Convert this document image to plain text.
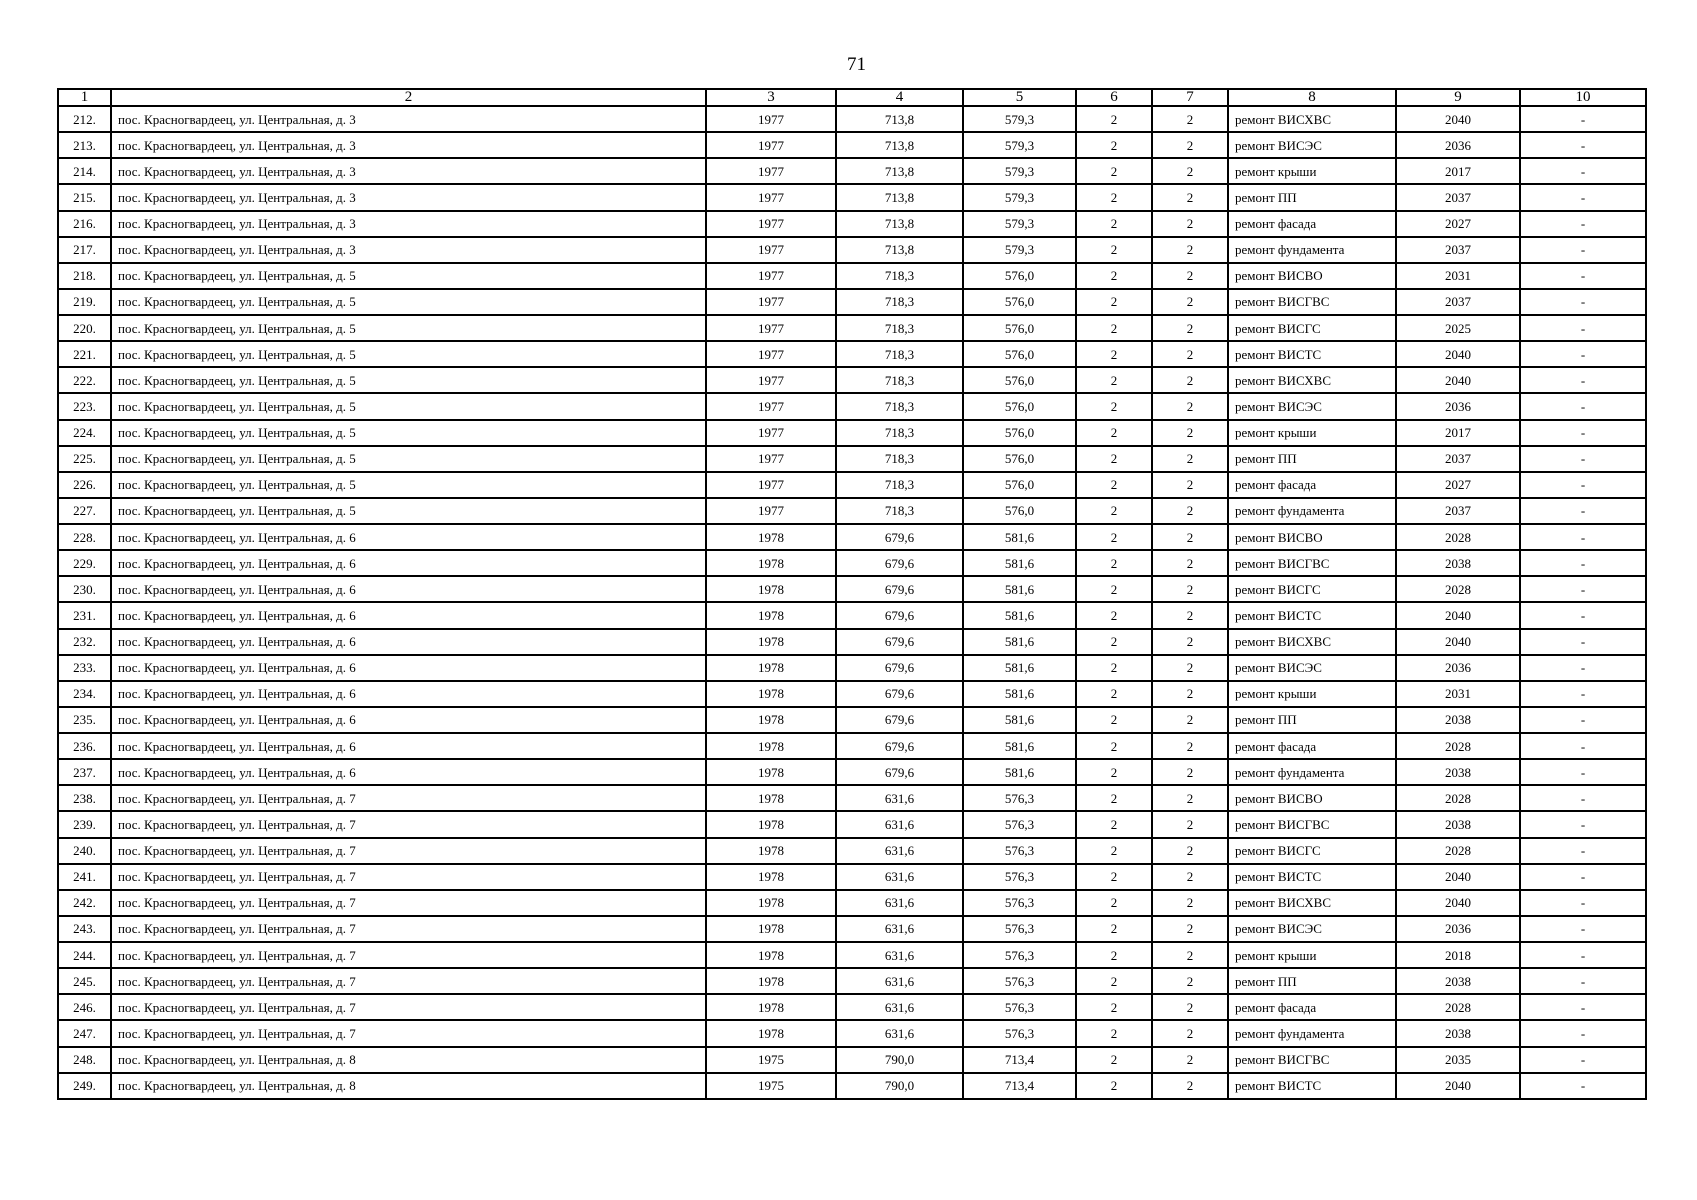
71
1	2	3	4	5	6	7	8	9	10
212.	пос. Красногвардеец, ул. Центральная, д. 3	1977	713,8	579,3	2	2	ремонт ВИСХВС	2040	-
213.	пос. Красногвардеец, ул. Центральная, д. 3	1977	713,8	579,3	2	2	ремонт ВИСЭС	2036	-
214.	пос. Красногвардеец, ул. Центральная, д. 3	1977	713,8	579,3	2	2	ремонт крыши	2017	-
215.	пос. Красногвардеец, ул. Центральная, д. 3	1977	713,8	579,3	2	2	ремонт ПП	2037	-
216.	пос. Красногвардеец, ул. Центральная, д. 3	1977	713,8	579,3	2	2	ремонт фасада	2027	-
217.	пос. Красногвардеец, ул. Центральная, д. 3	1977	713,8	579,3	2	2	ремонт фундамента	2037	-
218.	пос. Красногвардеец, ул. Центральная, д. 5	1977	718,3	576,0	2	2	ремонт ВИСВО	2031	-
219.	пос. Красногвардеец, ул. Центральная, д. 5	1977	718,3	576,0	2	2	ремонт ВИСГВС	2037	-
220.	пос. Красногвардеец, ул. Центральная, д. 5	1977	718,3	576,0	2	2	ремонт ВИСГС	2025	-
221.	пос. Красногвардеец, ул. Центральная, д. 5	1977	718,3	576,0	2	2	ремонт ВИСТС	2040	-
222.	пос. Красногвардеец, ул. Центральная, д. 5	1977	718,3	576,0	2	2	ремонт ВИСХВС	2040	-
223.	пос. Красногвардеец, ул. Центральная, д. 5	1977	718,3	576,0	2	2	ремонт ВИСЭС	2036	-
224.	пос. Красногвардеец, ул. Центральная, д. 5	1977	718,3	576,0	2	2	ремонт крыши	2017	-
225.	пос. Красногвардеец, ул. Центральная, д. 5	1977	718,3	576,0	2	2	ремонт ПП	2037	-
226.	пос. Красногвардеец, ул. Центральная, д. 5	1977	718,3	576,0	2	2	ремонт фасада	2027	-
227.	пос. Красногвардеец, ул. Центральная, д. 5	1977	718,3	576,0	2	2	ремонт фундамента	2037	-
228.	пос. Красногвардеец, ул. Центральная, д. 6	1978	679,6	581,6	2	2	ремонт ВИСВО	2028	-
229.	пос. Красногвардеец, ул. Центральная, д. 6	1978	679,6	581,6	2	2	ремонт ВИСГВС	2038	-
230.	пос. Красногвардеец, ул. Центральная, д. 6	1978	679,6	581,6	2	2	ремонт ВИСГС	2028	-
231.	пос. Красногвардеец, ул. Центральная, д. 6	1978	679,6	581,6	2	2	ремонт ВИСТС	2040	-
232.	пос. Красногвардеец, ул. Центральная, д. 6	1978	679,6	581,6	2	2	ремонт ВИСХВС	2040	-
233.	пос. Красногвардеец, ул. Центральная, д. 6	1978	679,6	581,6	2	2	ремонт ВИСЭС	2036	-
234.	пос. Красногвардеец, ул. Центральная, д. 6	1978	679,6	581,6	2	2	ремонт крыши	2031	-
235.	пос. Красногвардеец, ул. Центральная, д. 6	1978	679,6	581,6	2	2	ремонт ПП	2038	-
236.	пос. Красногвардеец, ул. Центральная, д. 6	1978	679,6	581,6	2	2	ремонт фасада	2028	-
237.	пос. Красногвардеец, ул. Центральная, д. 6	1978	679,6	581,6	2	2	ремонт фундамента	2038	-
238.	пос. Красногвардеец, ул. Центральная, д. 7	1978	631,6	576,3	2	2	ремонт ВИСВО	2028	-
239.	пос. Красногвардеец, ул. Центральная, д. 7	1978	631,6	576,3	2	2	ремонт ВИСГВС	2038	-
240.	пос. Красногвардеец, ул. Центральная, д. 7	1978	631,6	576,3	2	2	ремонт ВИСГС	2028	-
241.	пос. Красногвардеец, ул. Центральная, д. 7	1978	631,6	576,3	2	2	ремонт ВИСТС	2040	-
242.	пос. Красногвардеец, ул. Центральная, д. 7	1978	631,6	576,3	2	2	ремонт ВИСХВС	2040	-
243.	пос. Красногвардеец, ул. Центральная, д. 7	1978	631,6	576,3	2	2	ремонт ВИСЭС	2036	-
244.	пос. Красногвардеец, ул. Центральная, д. 7	1978	631,6	576,3	2	2	ремонт крыши	2018	-
245.	пос. Красногвардеец, ул. Центральная, д. 7	1978	631,6	576,3	2	2	ремонт ПП	2038	-
246.	пос. Красногвардеец, ул. Центральная, д. 7	1978	631,6	576,3	2	2	ремонт фасада	2028	-
247.	пос. Красногвардеец, ул. Центральная, д. 7	1978	631,6	576,3	2	2	ремонт фундамента	2038	-
248.	пос. Красногвардеец, ул. Центральная, д. 8	1975	790,0	713,4	2	2	ремонт ВИСГВС	2035	-
249.	пос. Красногвардеец, ул. Центральная, д. 8	1975	790,0	713,4	2	2	ремонт ВИСТС	2040	-
